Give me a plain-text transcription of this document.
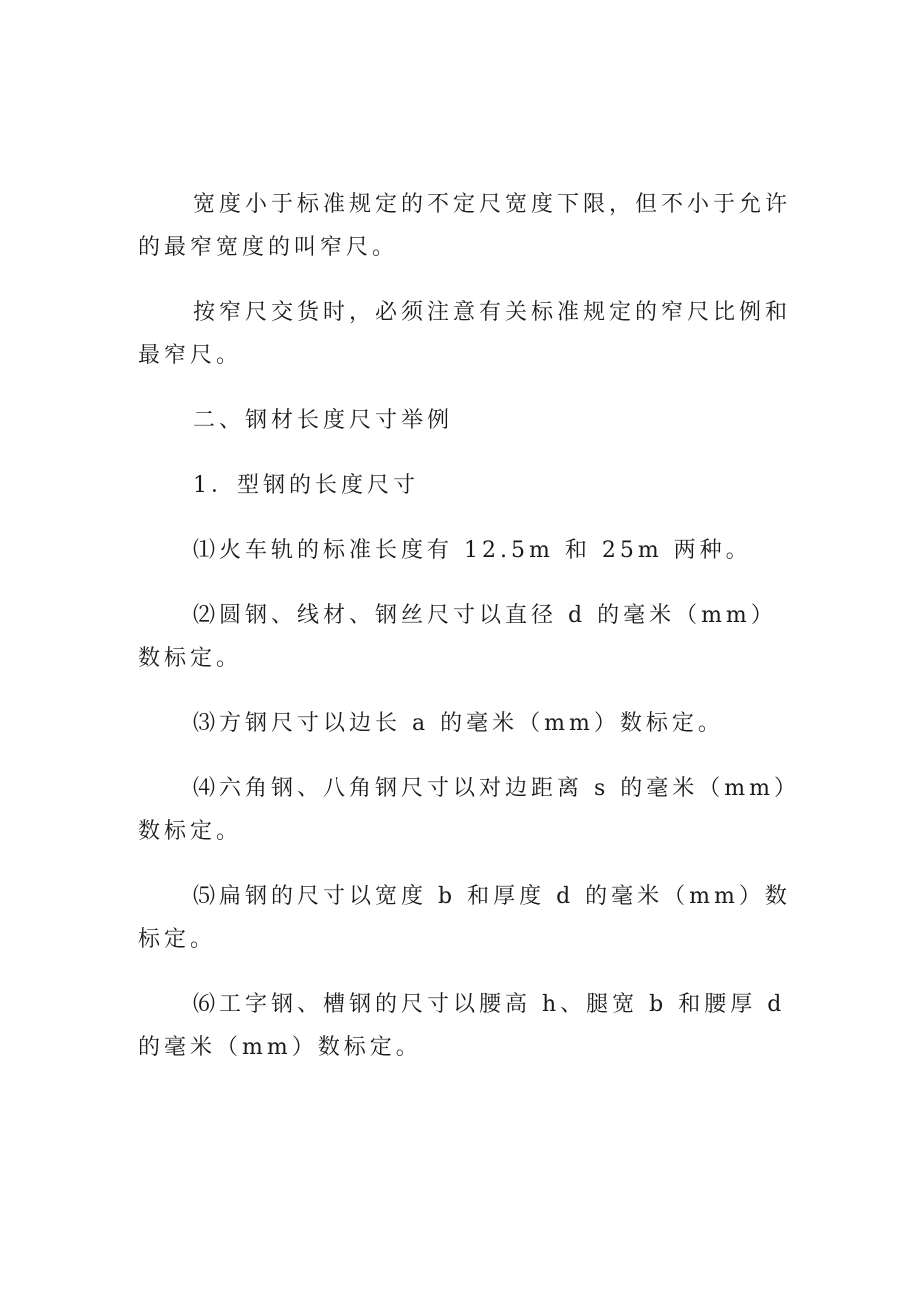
宽度小于标准规定的不定尺宽度下限，但不小于允许的最窄宽度的叫窄尺。

按窄尺交货时，必须注意有关标准规定的窄尺比例和最窄尺。

二、钢材长度尺寸举例

1．型钢的长度尺寸

⑴火车轨的标准长度有 12.5m 和 25m 两种。

⑵圆钢、线材、钢丝尺寸以直径 d 的毫米（mm）数标定。

⑶方钢尺寸以边长 a 的毫米（mm）数标定。

⑷六角钢、八角钢尺寸以对边距离 s 的毫米（mm）数标定。

⑸扁钢的尺寸以宽度 b 和厚度 d 的毫米（mm）数标定。

⑹工字钢、槽钢的尺寸以腰高 h、腿宽 b 和腰厚 d 的毫米（mm）数标定。
